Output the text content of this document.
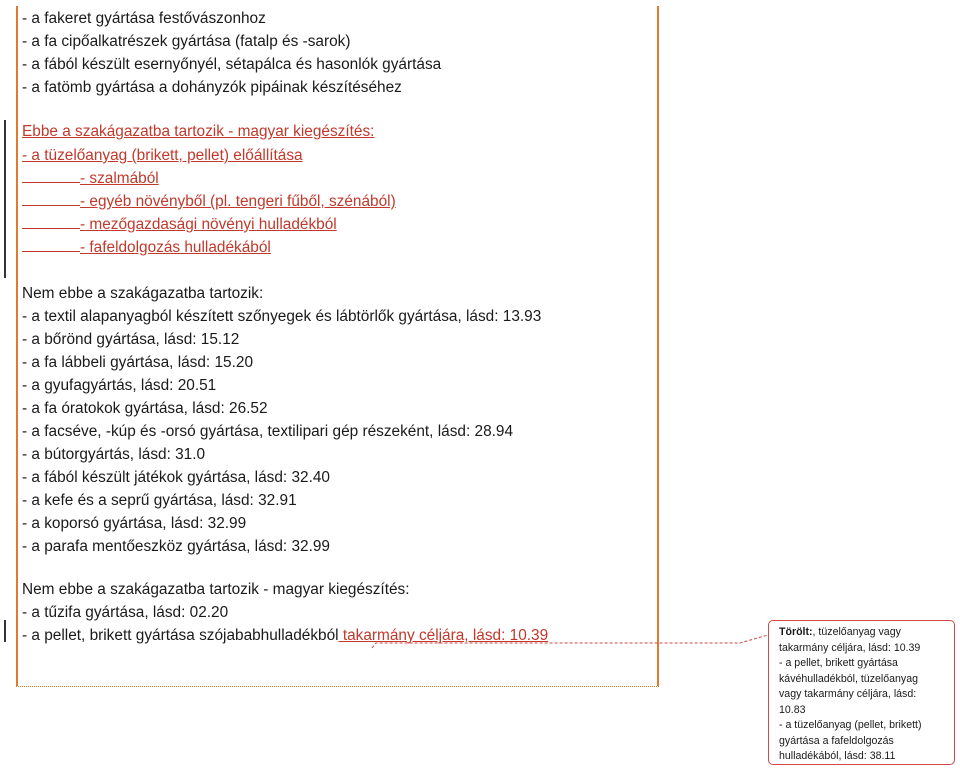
- a fakeret gyártása festővászonhoz
- a fa cipőalkatrészek gyártása (fatalp és -sarok)
- a fából készült esernyőnyél, sétapálca és hasonlók gyártása
- a fatömb gyártása a dohányzók pipáinak készítéséhez
Ebbe a szakágazatba tartozik - magyar kiegészítés:
- a tüzelőanyag (brikett, pellet) előállítása
- szalmából
- egyéb növényből (pl. tengeri fűből, szénából)
- mezőgazdasági növényi hulladékból
- fafeldolgozás hulladékából
Nem ebbe a szakágazatba tartozik:
- a textil alapanyagból készített szőnyegek és lábtörlők gyártása, lásd: 13.93
- a bőrönd gyártása, lásd: 15.12
- a fa lábbeli gyártása, lásd: 15.20
- a gyufagyártás, lásd: 20.51
- a fa óratokok gyártása, lásd: 26.52
- a facséve, -kúp és -orsó gyártása, textilipari gép részeként, lásd: 28.94
- a bútorgyártás, lásd: 31.0
- a fából készült játékok gyártása, lásd: 32.40
- a kefe és a seprű gyártása, lásd: 32.91
- a koporsó gyártása, lásd: 32.99
- a parafa mentőeszköz gyártása, lásd: 32.99
Nem ebbe a szakágazatba tartozik - magyar kiegészítés:
- a tűzifa gyártása, lásd: 02.20
- a pellet, brikett gyártása szójababhulladékból takarmány céljára, lásd: 10.39	Törölt:, tüzelőanyag vagy
takarmány céljára, lásd: 10.39
- a pellet, brikett gyártása
kávéhulladékból, tüzelőanyag
vagy takarmány céljára, lásd:
10.83
- a tüzelőanyag (pellet, brikett)
gyártása a fafeldolgozás
hulladékából, lásd: 38.11
